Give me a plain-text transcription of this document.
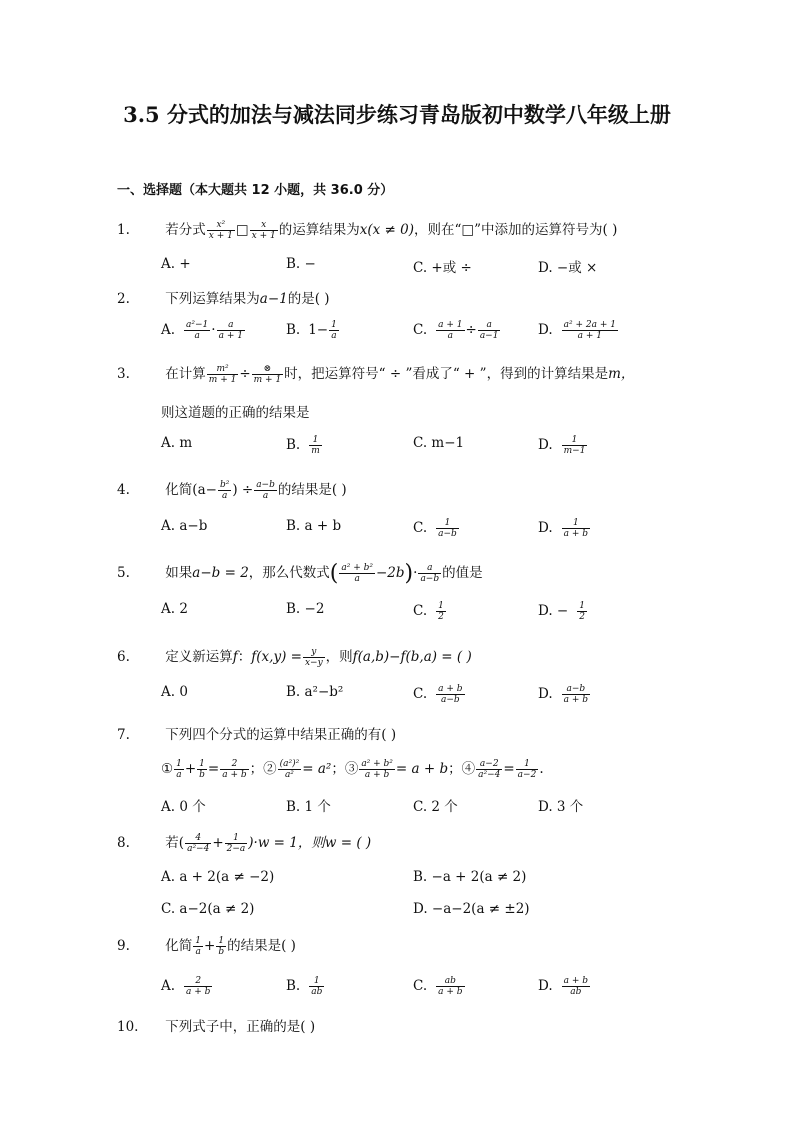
3.5 分式的加法与减法同步练习青岛版初中数学八年级上册
一、选择题（本大题共 12 小题，共 36.0 分）
1.	若分式 $\frac{\text{x²}}{x + 1}$ □ $\frac{x}{x + 1}$ 的运算结果为x(x ≠ 0)，则在“□”中添加的运算符号为( )
A. +	B. −	C. +或 ÷	D. −或 ×
2.	下列运算结果为a−1的是( )
A. $\frac{\text{a²−1}}{a} \cdot \frac{a}{a + 1}$	B. $1- \frac{1}{a}$	C. $\frac{a + 1}{a} \div \frac{a}{a-1}$	D. $\frac{\text{a² + 2a + 1}}{a + 1}$
3.	在计算 $\frac{\text{m²}}{m + 1} \div \frac{\otimes}{m + 1}$ 时，把运算符号“ ÷ ”看成了“ + ”，得到的计算结果是m，
则这道题的正确的结果是
A. m	B. $\frac{1}{m}$	C. m−1	D. $\frac{1}{m-1}$
4.	化简($a- \frac{\text{b²}}{a}$ ) ÷ $\frac{a-b}{a}$ 的结果是( )
A. a−b	B. a + b	C. $\frac{1}{a-b}$	D. $\frac{1}{a + b}$
5.	如果a−b = 2，那么代数式( $\frac{\text{a² + b²}}{a} -2b)\cdot \frac{a}{a-b}$ 的值是
A. 2	B. −2	C. $\frac{1}{2}$	D. − $\frac{1}{2}$
6.	定义新运算f：$f(x,y) = \frac{y}{x-y}$ ，则f(a,b)−f(b,a) = ( )
A. 0	B. a²−b²	C. $\frac{a + b}{a-b}$	D. $\frac{a-b}{a + b}$
7.	下列四个分式的运算中结果正确的有( )
① $\frac{1}{a} + \frac{1}{b} = \frac{2}{a + b}$ ；② $\frac{\text{(a²)²}}{\text{a²}} = a^2$；③ $\frac{\text{a² + b²}}{a + b} = a + b$；④ $\frac{a-2}{\text{a²−4}} = \frac{1}{a-2}$ .
A. 0 个	B. 1 个	C. 2 个	D. 3 个
8.	若( $\frac{4}{\text{a²−4}} + \frac{1}{2-a} )\cdot w = 1$，则w = ( )
A. a + 2(a ≠ −2)	B. −a + 2(a ≠ 2)
C. a−2(a ≠ 2)	D. −a−2(a ≠ ±2)
9.	化简 $\frac{1}{a} + \frac{1}{b}$ 的结果是( )
A. $\frac{2}{a + b}$	B. $\frac{1}{ab}$	C. $\frac{ab}{a + b}$	D. $\frac{a + b}{ab}$
10. 下列式子中，正确的是( )
